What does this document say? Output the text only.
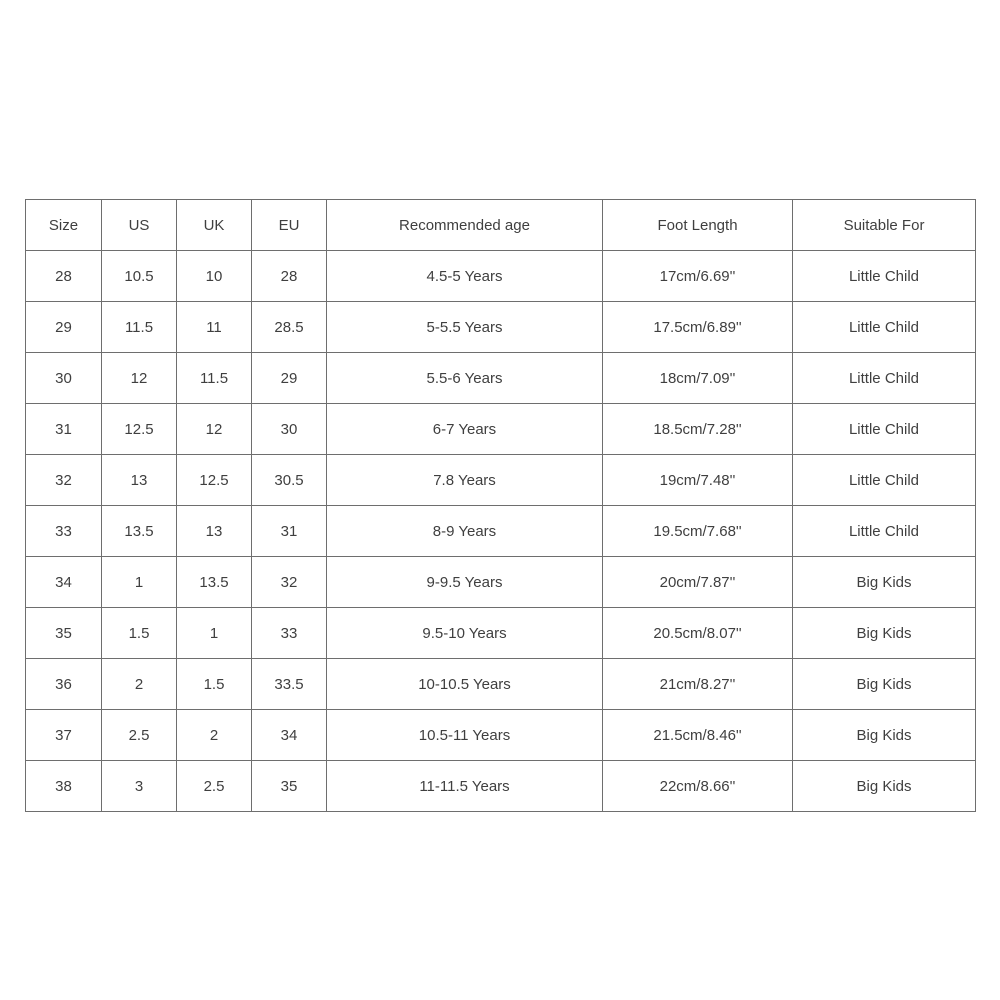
Size	US	UK	EU	Recommended age	Foot Length	Suitable For
28	10.5	10	28	4.5-5 Years	17cm/6.69''	Little Child
29	11.5	11	28.5	5-5.5 Years	17.5cm/6.89''	Little Child
30	12	11.5	29	5.5-6 Years	18cm/7.09''	Little Child
31	12.5	12	30	6-7 Years	18.5cm/7.28''	Little Child
32	13	12.5	30.5	7.8 Years	19cm/7.48''	Little Child
33	13.5	13	31	8-9 Years	19.5cm/7.68''	Little Child
34	1	13.5	32	9-9.5 Years	20cm/7.87''	Big Kids
35	1.5	1	33	9.5-10 Years	20.5cm/8.07''	Big Kids
36	2	1.5	33.5	10-10.5 Years	21cm/8.27''	Big Kids
37	2.5	2	34	10.5-11 Years	21.5cm/8.46''	Big Kids
38	3	2.5	35	11-11.5 Years	22cm/8.66''	Big Kids
